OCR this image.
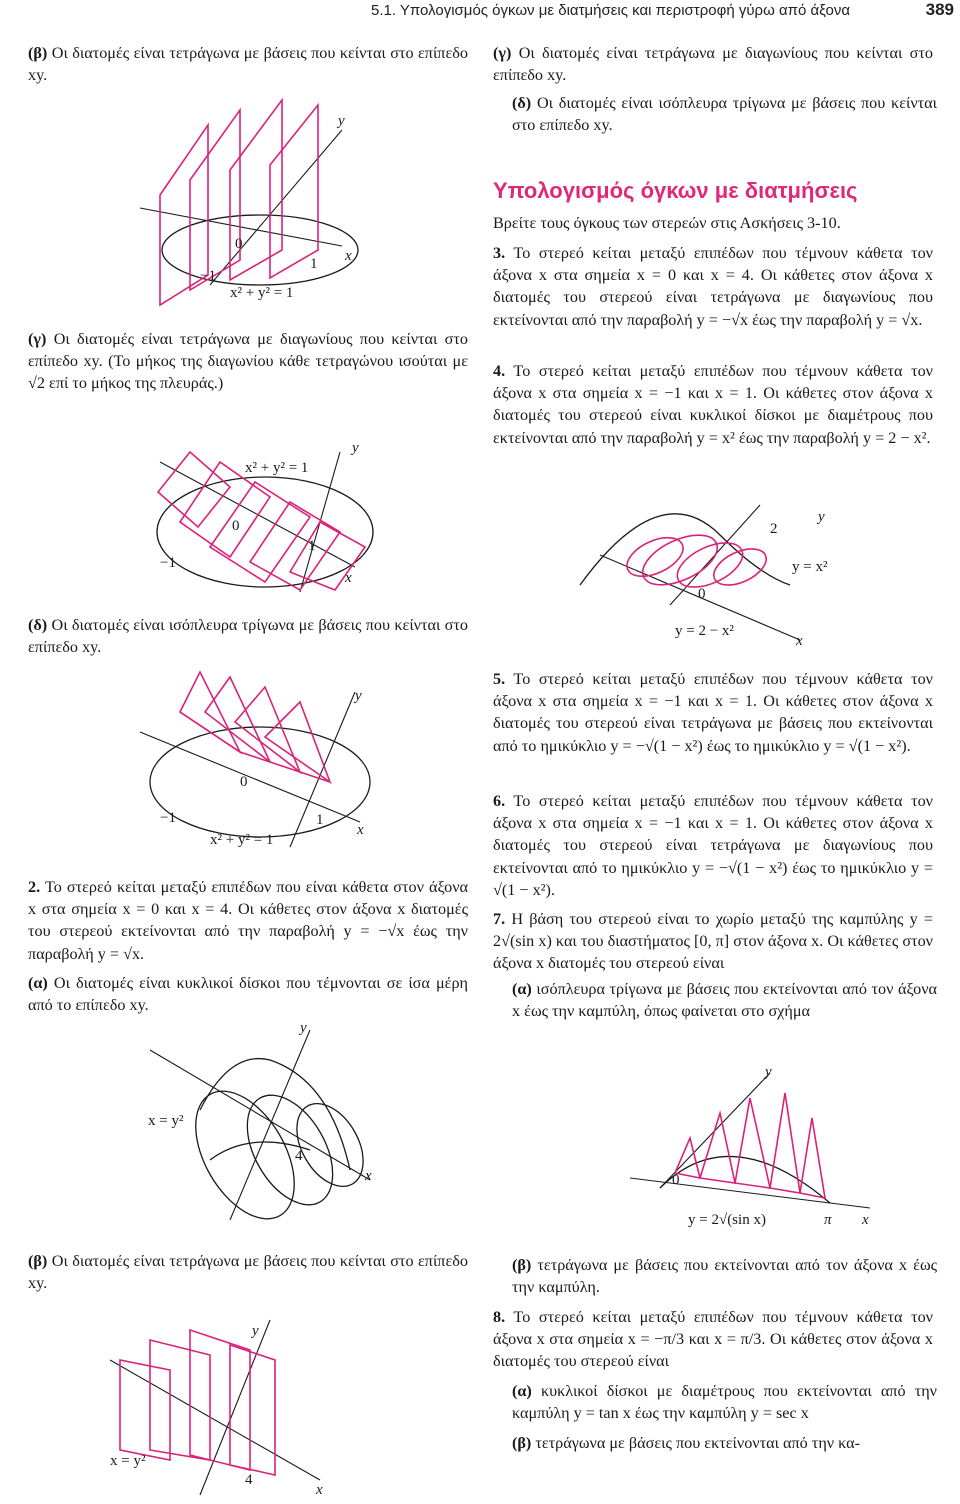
5.1. Υπολογισμός όγκων με διατμήσεις και περιστροφή γύρω από άξονα	389
(β) Οι διατομές είναι τετράγωνα με βάσεις που κείνται στο επίπεδο xy.
y
x
0
−1
1
x² + y² = 1
(γ) Οι διατομές είναι τετράγωνα με διαγωνίους που κείνται στο επίπεδο xy. (Το μήκος της διαγωνίου κάθε τετραγώνου ισούται με √2 επί το μήκος της πλευράς.)
x² + y² = 1
y
x
0
−1
1
(δ) Οι διατομές είναι ισόπλευρα τρίγωνα με βάσεις που κείνται στο επίπεδο xy.
y
x
0
−1	1
x² + y² = 1
2. Το στερεό κείται μεταξύ επιπέδων που είναι κάθετα στον άξονα x στα σημεία x = 0 και x = 4. Οι κάθετες στον άξονα x διατομές του στερεού εκτείνονται από την παραβολή y = −√x έως την παραβολή y = √x.
(α) Οι διατομές είναι κυκλικοί δίσκοι που τέμνονται σε ίσα μέρη από το επίπεδο xy.
y
x
x = y²
4
(β) Οι διατομές είναι τετράγωνα με βάσεις που κείνται στο επίπεδο xy.
y
x
x = y²
4
(γ) Οι διατομές είναι τετράγωνα με διαγωνίους που κείνται στο επίπεδο xy.
(δ) Οι διατομές είναι ισόπλευρα τρίγωνα με βάσεις που κείνται στο επίπεδο xy.
Υπολογισμός όγκων με διατμήσεις
Βρείτε τους όγκους των στερεών στις Ασκήσεις 3-10.
3. Το στερεό κείται μεταξύ επιπέδων που τέμνουν κάθετα τον άξονα x στα σημεία x = 0 και x = 4. Οι κάθετες στον άξονα x διατομές του στερεού είναι τετράγωνα με διαγωνίους που εκτείνονται από την παραβολή y = −√x έως την παραβολή y = √x.
4. Το στερεό κείται μεταξύ επιπέδων που τέμνουν κάθετα τον άξονα x στα σημεία x = −1 και x = 1. Οι κάθετες στον άξονα x διατομές του στερεού είναι κυκλικοί δίσκοι με διαμέτρους που εκτείνονται από την παραβολή y = x² έως την παραβολή y = 2 − x².
2
y
y = x²
0
y = 2 − x²
x
5. Το στερεό κείται μεταξύ επιπέδων που τέμνουν κάθετα τον άξονα x στα σημεία x = −1 και x = 1. Οι κάθετες στον άξονα x διατομές του στερεού είναι τετράγωνα με βάσεις που εκτείνονται από το ημικύκλιο y = −√(1 − x²) έως το ημικύκλιο y = √(1 − x²).
6. Το στερεό κείται μεταξύ επιπέδων που τέμνουν κάθετα τον άξονα x στα σημεία x = −1 και x = 1. Οι κάθετες στον άξονα x διατομές του στερεού είναι τετράγωνα με διαγωνίους που εκτείνονται από το ημικύκλιο y = −√(1 − x²) έως το ημικύκλιο y = √(1 − x²).
7. Η βάση του στερεού είναι το χωρίο μεταξύ της καμπύλης y = 2√(sin x) και του διαστήματος [0, π] στον άξονα x. Οι κάθετες στον άξονα x διατομές του στερεού είναι
(α) ισόπλευρα τρίγωνα με βάσεις που εκτείνονται από τον άξονα x έως την καμπύλη, όπως φαίνεται στο σχήμα
y
0
y = 2√(sin x)	π x
(β) τετράγωνα με βάσεις που εκτείνονται από τον άξονα x έως την καμπύλη.
8. Το στερεό κείται μεταξύ επιπέδων που τέμνουν κάθετα τον άξονα x στα σημεία x = −π/3 και x = π/3. Οι κάθετες στον άξονα x διατομές του στερεού είναι
(α) κυκλικοί δίσκοι με διαμέτρους που εκτείνονται από την καμπύλη y = tan x έως την καμπύλη y = sec x
(β) τετράγωνα με βάσεις που εκτείνονται από την κα-
